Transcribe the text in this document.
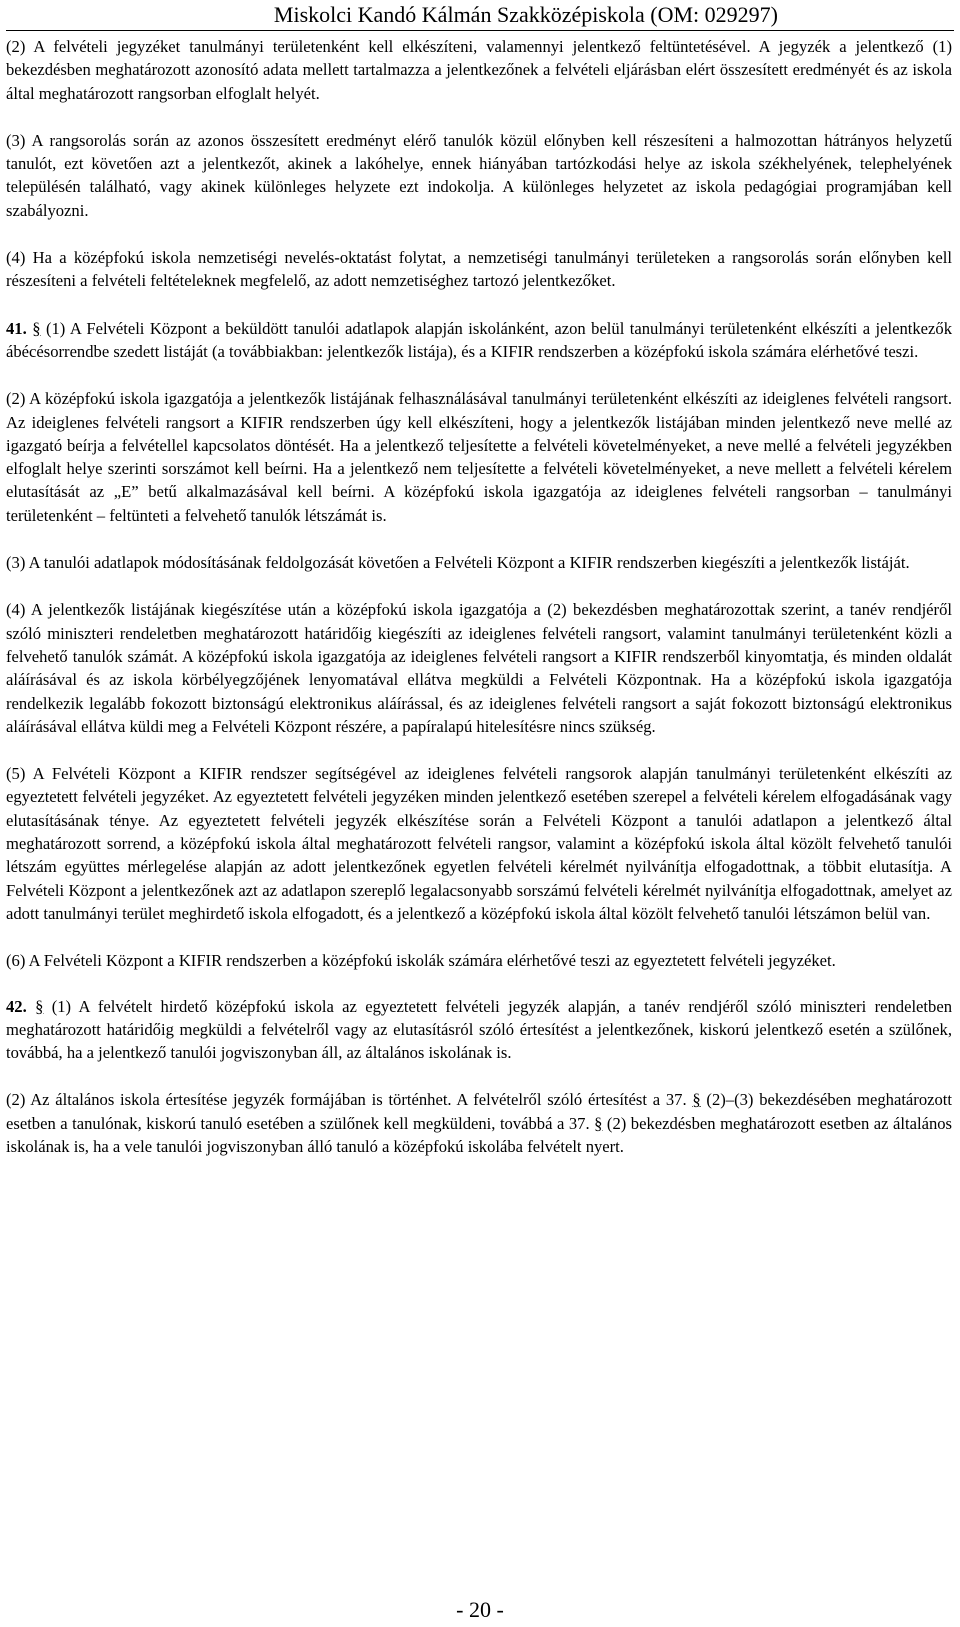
Miskolci Kandó Kálmán Szakközépiskola (OM: 029297)

(2) A felvételi jegyzéket tanulmányi területenként kell elkészíteni, valamennyi jelentkező feltüntetésével. A jegyzék a jelentkező (1) bekezdésben meghatározott azonosító adata mellett tartalmazza a jelentkezőnek a felvételi eljárásban elért összesített eredményét és az iskola által meghatározott rangsorban elfoglalt helyét.

(3) A rangsorolás során az azonos összesített eredményt elérő tanulók közül előnyben kell részesíteni a halmozottan hátrányos helyzetű tanulót, ezt követően azt a jelentkezőt, akinek a lakóhelye, ennek hiányában tartózkodási helye az iskola székhelyének, telephelyének településén található, vagy akinek különleges helyzete ezt indokolja. A különleges helyzetet az iskola pedagógiai programjában kell szabályozni.

(4) Ha a középfokú iskola nemzetiségi nevelés-oktatást folytat, a nemzetiségi tanulmányi területeken a rangsorolás során előnyben kell részesíteni a felvételi feltételeknek megfelelő, az adott nemzetiséghez tartozó jelentkezőket.

41. § (1) A Felvételi Központ a beküldött tanulói adatlapok alapján iskolánként, azon belül tanulmányi területenként elkészíti a jelentkezők ábécésorrendbe szedett listáját (a továbbiakban: jelentkezők listája), és a KIFIR rendszerben a középfokú iskola számára elérhetővé teszi.

(2) A középfokú iskola igazgatója a jelentkezők listájának felhasználásával tanulmányi területenként elkészíti az ideiglenes felvételi rangsort. Az ideiglenes felvételi rangsort a KIFIR rendszerben úgy kell elkészíteni, hogy a jelentkezők listájában minden jelentkező neve mellé az igazgató beírja a felvétellel kapcsolatos döntését. Ha a jelentkező teljesítette a felvételi követelményeket, a neve mellé a felvételi jegyzékben elfoglalt helye szerinti sorszámot kell beírni. Ha a jelentkező nem teljesítette a felvételi követelményeket, a neve mellett a felvételi kérelem elutasítását az „E” betű alkalmazásával kell beírni. A középfokú iskola igazgatója az ideiglenes felvételi rangsorban – tanulmányi területenként – feltünteti a felvehető tanulók létszámát is.

(3) A tanulói adatlapok módosításának feldolgozását követően a Felvételi Központ a KIFIR rendszerben kiegészíti a jelentkezők listáját.

(4) A jelentkezők listájának kiegészítése után a középfokú iskola igazgatója a (2) bekezdésben meghatározottak szerint, a tanév rendjéről szóló miniszteri rendeletben meghatározott határidőig kiegészíti az ideiglenes felvételi rangsort, valamint tanulmányi területenként közli a felvehető tanulók számát. A középfokú iskola igazgatója az ideiglenes felvételi rangsort a KIFIR rendszerből kinyomtatja, és minden oldalát aláírásával és az iskola körbélyegzőjének lenyomatával ellátva megküldi a Felvételi Központnak. Ha a középfokú iskola igazgatója rendelkezik legalább fokozott biztonságú elektronikus aláírással, és az ideiglenes felvételi rangsort a saját fokozott biztonságú elektronikus aláírásával ellátva küldi meg a Felvételi Központ részére, a papíralapú hitelesítésre nincs szükség.

(5) A Felvételi Központ a KIFIR rendszer segítségével az ideiglenes felvételi rangsorok alapján tanulmányi területenként elkészíti az egyeztetett felvételi jegyzéket. Az egyeztetett felvételi jegyzéken minden jelentkező esetében szerepel a felvételi kérelem elfogadásának vagy elutasításának ténye. Az egyeztetett felvételi jegyzék elkészítése során a Felvételi Központ a tanulói adatlapon a jelentkező által meghatározott sorrend, a középfokú iskola által meghatározott felvételi rangsor, valamint a középfokú iskola által közölt felvehető tanulói létszám együttes mérlegelése alapján az adott jelentkezőnek egyetlen felvételi kérelmét nyilvánítja elfogadottnak, a többit elutasítja. A Felvételi Központ a jelentkezőnek azt az adatlapon szereplő legalacsonyabb sorszámú felvételi kérelmét nyilvánítja elfogadottnak, amelyet az adott tanulmányi terület meghirdető iskola elfogadott, és a jelentkező a középfokú iskola által közölt felvehető tanulói létszámon belül van.

(6) A Felvételi Központ a KIFIR rendszerben a középfokú iskolák számára elérhetővé teszi az egyeztetett felvételi jegyzéket.

42. § (1) A felvételt hirdető középfokú iskola az egyeztetett felvételi jegyzék alapján, a tanév rendjéről szóló miniszteri rendeletben meghatározott határidőig megküldi a felvételről vagy az elutasításról szóló értesítést a jelentkezőnek, kiskorú jelentkező esetén a szülőnek, továbbá, ha a jelentkező tanulói jogviszonyban áll, az általános iskolának is.

(2) Az általános iskola értesítése jegyzék formájában is történhet. A felvételről szóló értesítést a 37. § (2)–(3) bekezdésében meghatározott esetben a tanulónak, kiskorú tanuló esetében a szülőnek kell megküldeni, továbbá a 37. § (2) bekezdésben meghatározott esetben az általános iskolának is, ha a vele tanulói jogviszonyban álló tanuló a középfokú iskolába felvételt nyert.

- 20 -
